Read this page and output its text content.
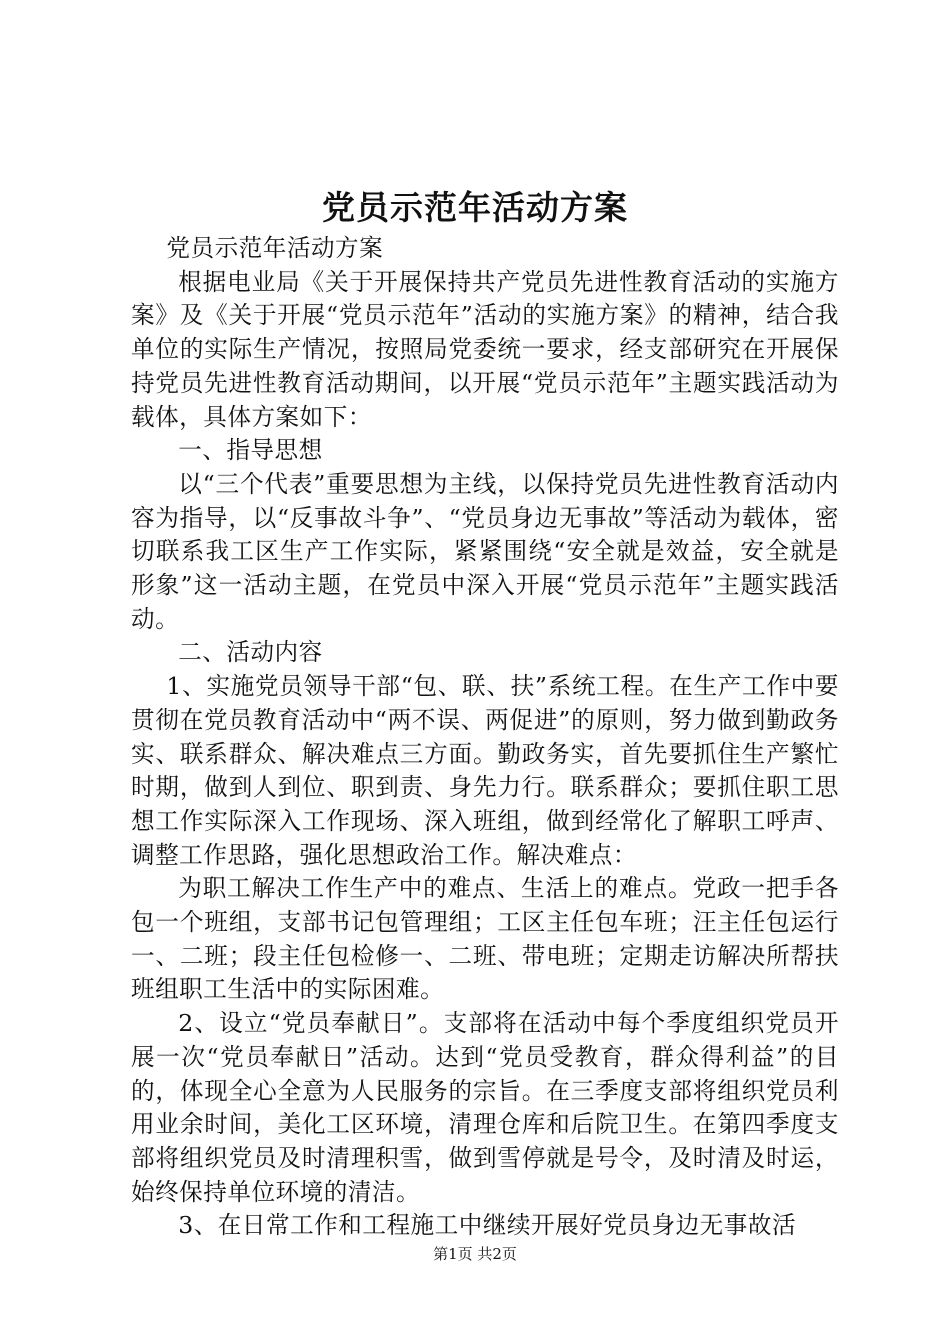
党员示范年活动方案

党员示范年活动方案

根据电业局《关于开展保持共产党员先进性教育活动的实施方案》及《关于开展“党员示范年”活动的实施方案》的精神，结合我单位的实际生产情况，按照局党委统一要求，经支部研究在开展保持党员先进性教育活动期间，以开展“党员示范年”主题实践活动为载体，具体方案如下：

一、指导思想

以“三个代表”重要思想为主线，以保持党员先进性教育活动内容为指导，以“反事故斗争”、“党员身边无事故”等活动为载体，密切联系我工区生产工作实际，紧紧围绕“安全就是效益，安全就是形象”这一活动主题，在党员中深入开展“党员示范年”主题实践活动。

二、活动内容

1、实施党员领导干部“包、联、扶”系统工程。在生产工作中要贯彻在党员教育活动中“两不误、两促进”的原则，努力做到勤政务实、联系群众、解决难点三方面。勤政务实，首先要抓住生产繁忙时期，做到人到位、职到责、身先力行。联系群众；要抓住职工思想工作实际深入工作现场、深入班组，做到经常化了解职工呼声、调整工作思路，强化思想政治工作。解决难点：

为职工解决工作生产中的难点、生活上的难点。党政一把手各包一个班组，支部书记包管理组；工区主任包车班；汪主任包运行一、二班；段主任包检修一、二班、带电班；定期走访解决所帮扶班组职工生活中的实际困难。

2、设立“党员奉献日”。支部将在活动中每个季度组织党员开展一次“党员奉献日”活动。达到“党员受教育，群众得利益”的目的，体现全心全意为人民服务的宗旨。在三季度支部将组织党员利用业余时间，美化工区环境，清理仓库和后院卫生。在第四季度支部将组织党员及时清理积雪，做到雪停就是号令，及时清及时运，始终保持单位环境的清洁。

3、在日常工作和工程施工中继续开展好党员身边无事故活

第1页 共2页
